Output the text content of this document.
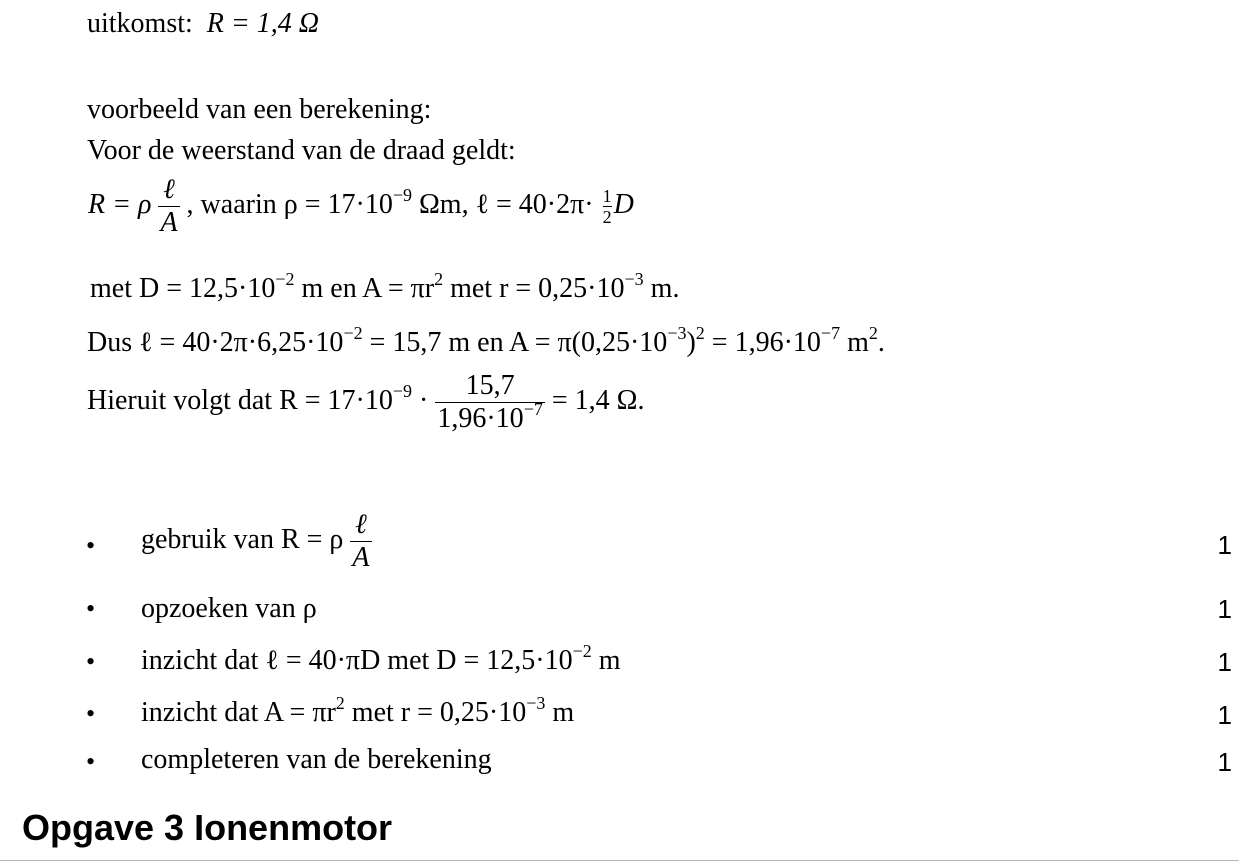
uitkomst: R = 1,4 Ω
voorbeeld van een berekening:
Voor de weerstand van de draad geldt:
R = ρ $\frac{\text{ℓ}}{A}$ , waarin $\rho = 17\cdot 10^{-9}$ Ωm, ℓ = $40\cdot 2\pi\cdot \frac{1}{2}D$
met $D = 12,5\cdot 10^{-2}$ m en $A = \pi r^2$ met $r = 0,25\cdot 10^{-3}$ m.
Dus ℓ = $40\cdot 2\pi\cdot 6,25\cdot 10^{-2} = 15,7$ m en $A = \pi(0,25\cdot 10^{-3})^2 = 1,96\cdot 10^{-7}$ $m^2$.
Hieruit volgt dat $R = 17\cdot 10^{-9} \cdot \frac{15,7}{1,96\cdot 10^{-7}} = 1,4$ Ω.
• gebruik van R = ρ $\frac{\text{ℓ}}{A}$	1
• opzoeken van ρ	1
• inzicht dat ℓ = 40·πD met $D = 12,5\cdot 10^{-2}$ m	1
• inzicht dat $A = \pi r^2$ met $r = 0,25\cdot 10^{-3}$ m	1
• completeren van de berekening	1
Opgave 3 Ionenmotor
